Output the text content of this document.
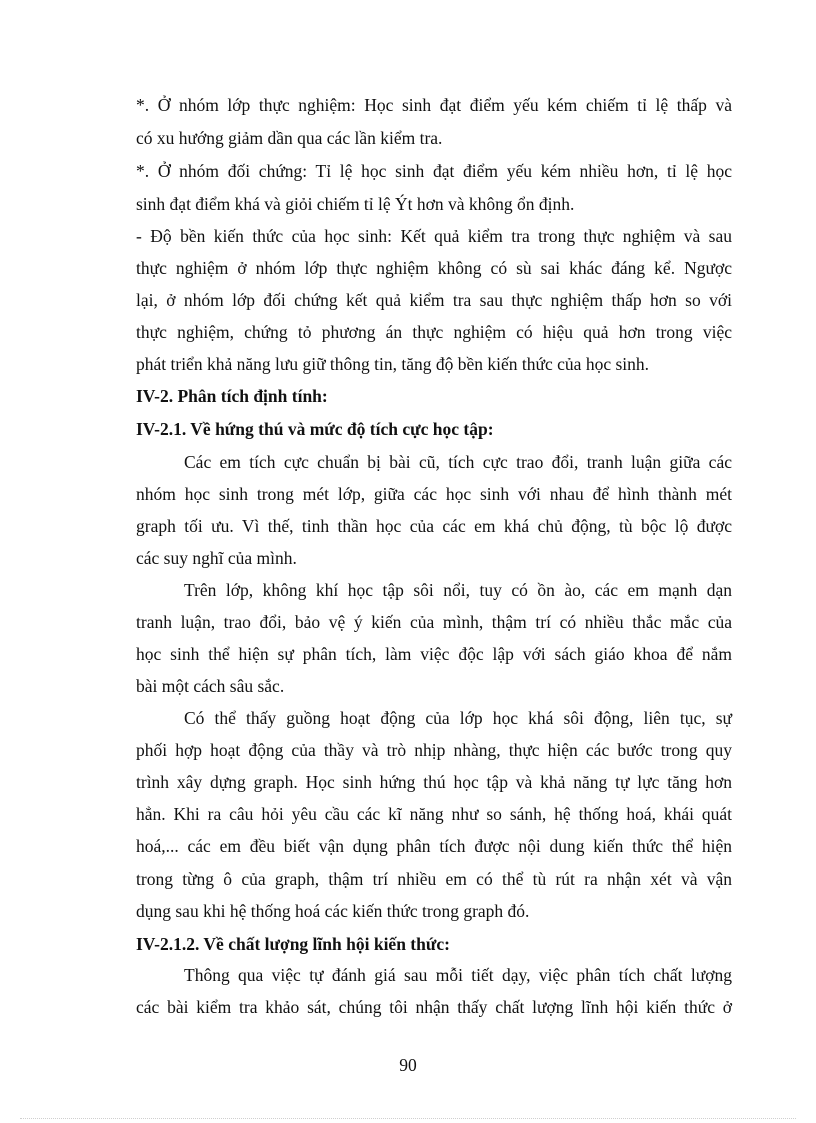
*. Ở nhóm lớp thực nghiệm: Học sinh đạt điểm yếu kém chiếm tỉ lệ thấp và
có xu hướng giảm dần qua các lần kiểm tra.
*. Ở nhóm đối chứng: Tỉ lệ học sinh đạt điểm yếu kém nhiều hơn, tỉ lệ học
sinh đạt điểm khá và giỏi chiếm tỉ lệ Ýt hơn và không ổn định.
- Độ bền kiến thức của học sinh: Kết quả kiểm tra trong thực nghiệm và sau
thực nghiệm ở nhóm lớp thực nghiệm không có sù sai khác đáng kể. Ngược
lại, ở nhóm lớp đối chứng kết quả kiểm tra sau thực nghiệm thấp hơn so với
thực nghiệm, chứng tỏ phương án thực nghiệm có hiệu quả hơn trong việc
phát triển khả năng lưu giữ thông tin, tăng độ bền kiến thức của học sinh.
IV-2. Phân tích định tính:
IV-2.1. Về hứng thú và mức độ tích cực học tập:
Các em tích cực chuẩn bị bài cũ, tích cực trao đổi, tranh luận giữa các
nhóm học sinh trong mét lớp, giữa các học sinh với nhau để hình thành mét
graph tối ưu. Vì thế, tinh thần học của các em khá chủ động, tù bộc lộ được
các suy nghĩ của mình.
Trên lớp, không khí học tập sôi nổi, tuy có ồn ào, các em mạnh dạn
tranh luận, trao đổi, bảo vệ ý kiến của mình, thậm trí có nhiều thắc mắc của
học sinh thể hiện sự phân tích, làm việc độc lập với sách giáo khoa để nắm
bài một cách sâu sắc.
Có thể thấy guồng hoạt động của lớp học khá sôi động, liên tục, sự
phối hợp hoạt động của thầy và trò nhịp nhàng, thực hiện các bước trong quy
trình xây dựng graph. Học sinh hứng thú học tập và khả năng tự lực tăng hơn
hẳn. Khi ra câu hỏi yêu cầu các kĩ năng như so sánh, hệ thống hoá, khái quát
hoá,... các em đều biết vận dụng phân tích được nội dung kiến thức thể hiện
trong từng ô của graph, thậm trí nhiều em có thể tù rút ra nhận xét và vận
dụng sau khi hệ thống hoá các kiến thức trong graph đó.
IV-2.1.2. Về chất lượng lĩnh hội kiến thức:
Thông qua việc tự đánh giá sau mỗi tiết dạy, việc phân tích chất lượng
các bài kiểm tra khảo sát, chúng tôi nhận thấy chất lượng lĩnh hội kiến thức ở
90
